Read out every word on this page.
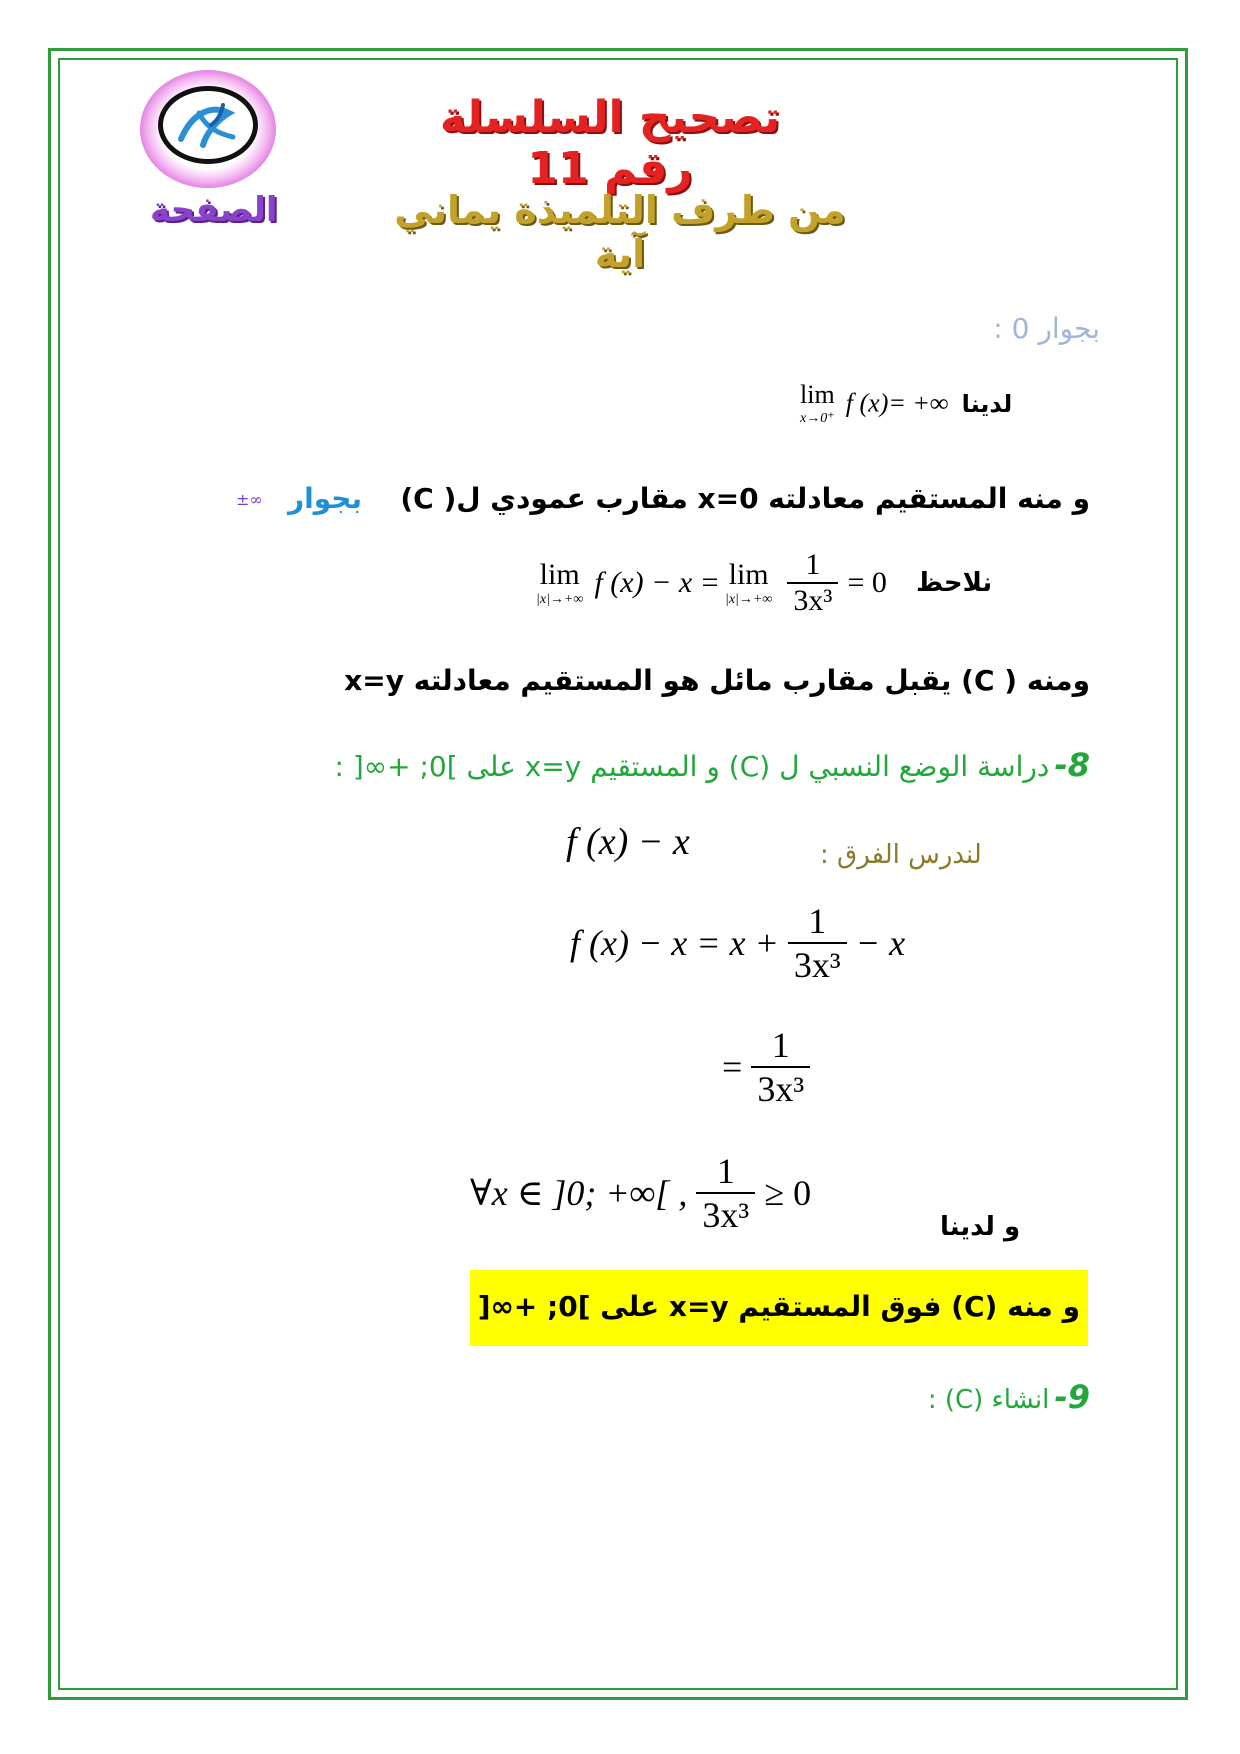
الصفحة
تصحيح السلسلة رقم 11
من طرف التلميذة يماني آية
بجوار 0 :
lim
x→0⁺
f (x)= +∞ لدينا
و منه المستقيم معادلته x=0 مقارب عمودي ل( C)
بجوار
±∞
lim
|x|→+∞
f (x) − x = lim
|x|→+∞
$\frac{1}{\text{3x³}} = 0$ نلاحظ
ومنه ( C) يقبل مقارب مائل هو المستقيم معادلته x=y
8- دراسة الوضع النسبي ل (C) و المستقيم x=y على ]0; +∞[ :
f (x) − x	لندرس الفرق :
f $(x) - x = x + \frac{1}{\text{3x³}} - x$
= $\frac{1}{\text{3x³}}$
∀x ∈ ]0; +∞[ , $\frac{1}{\text{3x³}} \ge 0$
و لدينا
و منه (C) فوق المستقيم x=y على ]0; +∞[
9- انشاء (C) :
